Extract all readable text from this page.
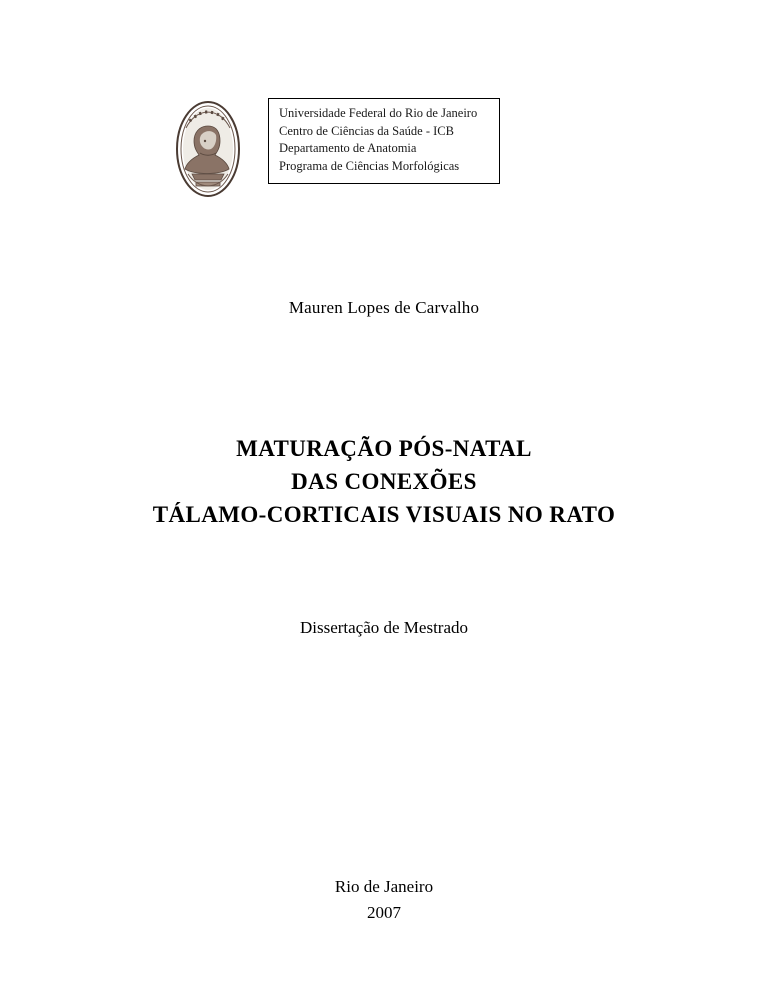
Universidade Federal do Rio de Janeiro
Centro de Ciências da Saúde - ICB
Departamento de Anatomia
Programa de Ciências Morfológicas
Mauren Lopes de Carvalho
MATURAÇÃO PÓS-NATAL
DAS CONEXÕES
TÁLAMO-CORTICAIS VISUAIS NO RATO
Dissertação de Mestrado
Rio de Janeiro
2007
